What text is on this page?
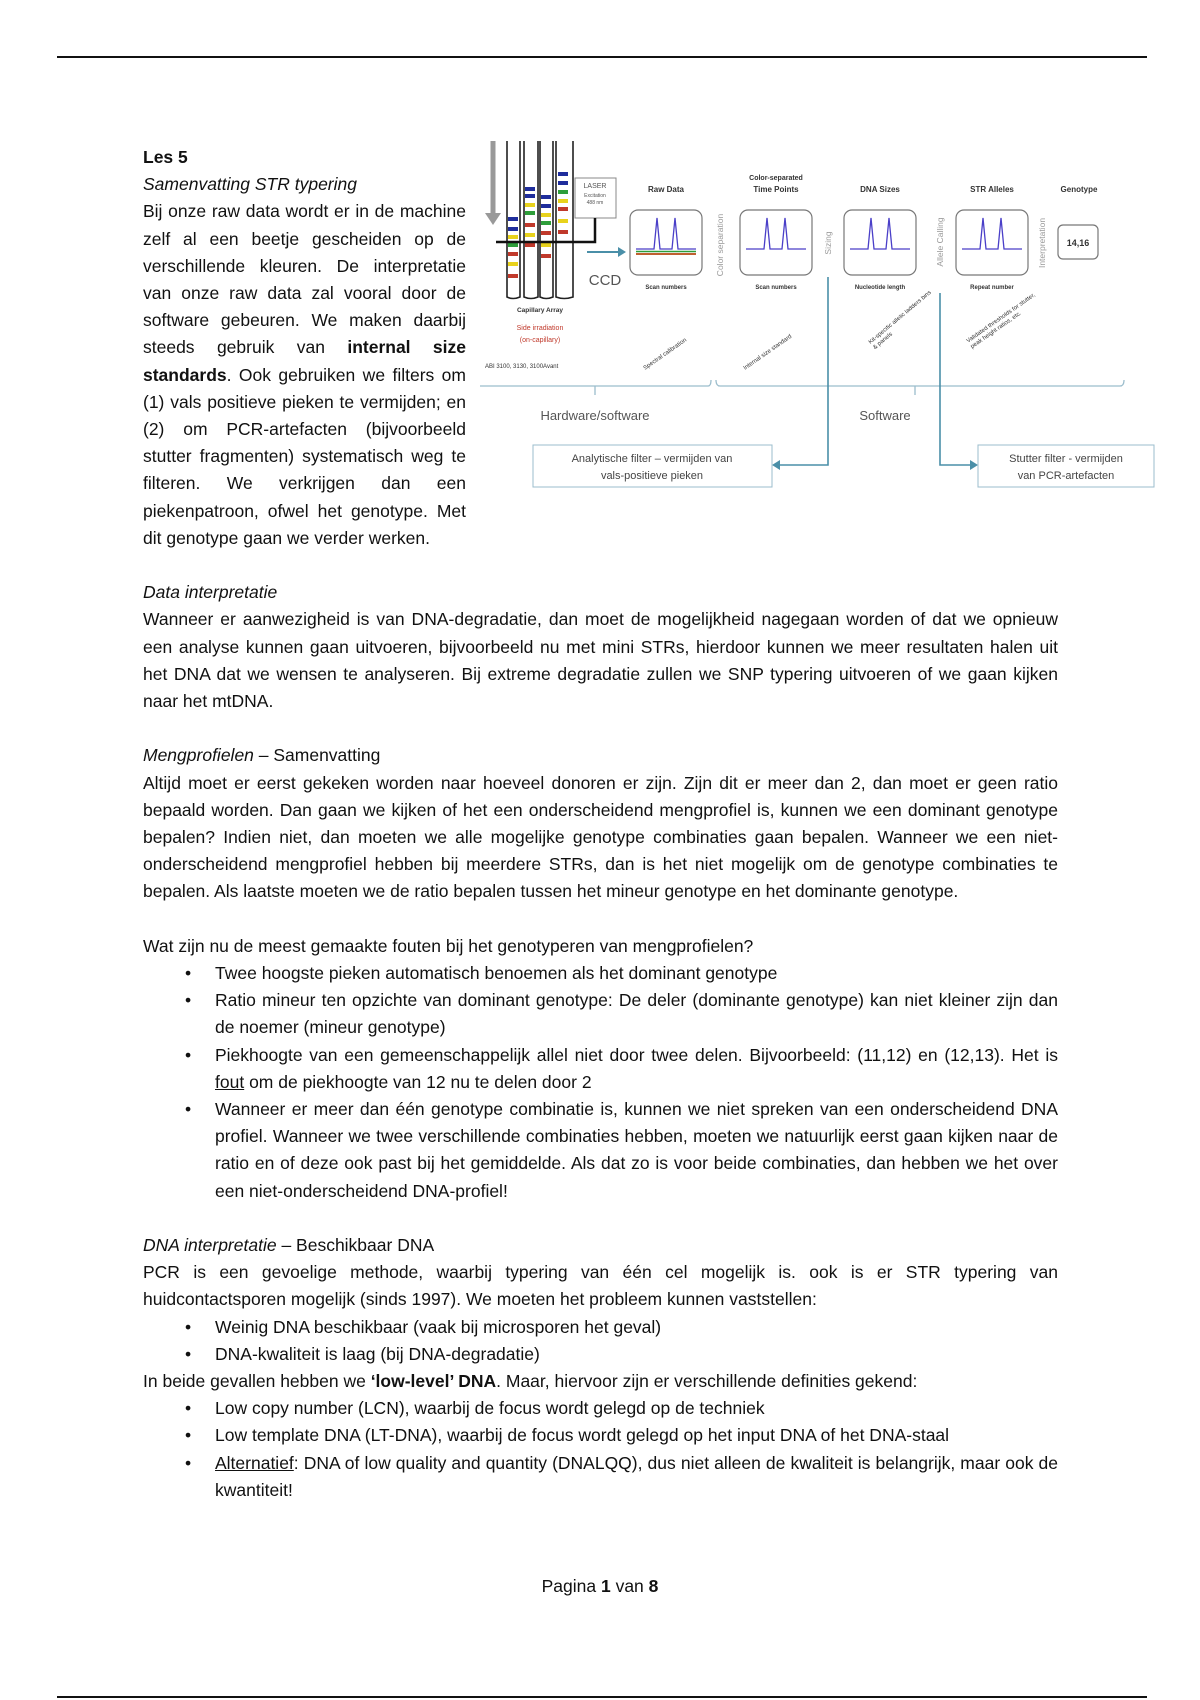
LASER
Excitation
488 nm
CCD
Capillary Array
Side irradiation
(on-capillary)
ABI 3100, 3130, 3100Avant
Raw Data
Scan numbers
Time Points
Color-separated
Scan numbers
DNA Sizes
Nucleotide length
STR Alleles
Repeat number
Color separation	Sizing	Allele Calling	Interpretation
Genotype
14,16
Spectral calibration	Internal size standard
Kit-specific allelic ladders bins & panels	Validated thresholds for stutter, peak height ratios, etc.
Hardware/software	Software
Analytische filter – vermijden van
vals-positieve pieken
Stutter filter - vermijden
van PCR-artefacten
Les 5
Samenvatting STR typering
Bij onze raw data wordt er in de machine zelf al een beetje gescheiden op de verschillende kleuren. De interpretatie van onze raw data zal vooral door de software gebeuren. We maken daarbij steeds gebruik van internal size standards. Ook gebruiken we filters om (1) vals positieve pieken te vermijden; en (2) om PCR-artefacten (bijvoorbeeld stutter fragmenten) systematisch weg te filteren. We verkrijgen dan een piekenpatroon, ofwel het genotype. Met dit genotype gaan we verder werken.
Data interpretatie
Wanneer er aanwezigheid is van DNA-degradatie, dan moet de mogelijkheid nagegaan worden of dat we opnieuw een analyse kunnen gaan uitvoeren, bijvoorbeeld nu met mini STRs, hierdoor kunnen we meer resultaten halen uit het DNA dat we wensen te analyseren. Bij extreme degradatie zullen we SNP typering uitvoeren of we gaan kijken naar het mtDNA.
Mengprofielen – Samenvatting
Altijd moet er eerst gekeken worden naar hoeveel donoren er zijn. Zijn dit er meer dan 2, dan moet er geen ratio bepaald worden. Dan gaan we kijken of het een onderscheidend mengprofiel is, kunnen we een dominant genotype bepalen? Indien niet, dan moeten we alle mogelijke genotype combinaties gaan bepalen. Wanneer we een niet-onderscheidend mengprofiel hebben bij meerdere STRs, dan is het niet mogelijk om de genotype combinaties te bepalen. Als laatste moeten we de ratio bepalen tussen het mineur genotype en het dominante genotype.
Wat zijn nu de meest gemaakte fouten bij het genotyperen van mengprofielen?
• Twee hoogste pieken automatisch benoemen als het dominant genotype
• Ratio mineur ten opzichte van dominant genotype: De deler (dominante genotype) kan niet kleiner zijn dan de noemer (mineur genotype)
• Piekhoogte van een gemeenschappelijk allel niet door twee delen. Bijvoorbeeld: (11,12) en (12,13). Het is fout om de piekhoogte van 12 nu te delen door 2
• Wanneer er meer dan één genotype combinatie is, kunnen we niet spreken van een onderscheidend DNA profiel. Wanneer we twee verschillende combinaties hebben, moeten we natuurlijk eerst gaan kijken naar de ratio en of deze ook past bij het gemiddelde. Als dat zo is voor beide combinaties, dan hebben we het over een niet-onderscheidend DNA-profiel!
DNA interpretatie – Beschikbaar DNA
PCR is een gevoelige methode, waarbij typering van één cel mogelijk is. ook is er STR typering van huidcontactsporen mogelijk (sinds 1997). We moeten het probleem kunnen vaststellen:
• Weinig DNA beschikbaar (vaak bij microsporen het geval)
• DNA-kwaliteit is laag (bij DNA-degradatie)
In beide gevallen hebben we ‘low-level’ DNA. Maar, hiervoor zijn er verschillende definities gekend:
• Low copy number (LCN), waarbij de focus wordt gelegd op de techniek
• Low template DNA (LT-DNA), waarbij de focus wordt gelegd op het input DNA of het DNA-staal
• Alternatief: DNA of low quality and quantity (DNALQQ), dus niet alleen de kwaliteit is belangrijk, maar ook de kwantiteit!
Pagina 1 van 8
